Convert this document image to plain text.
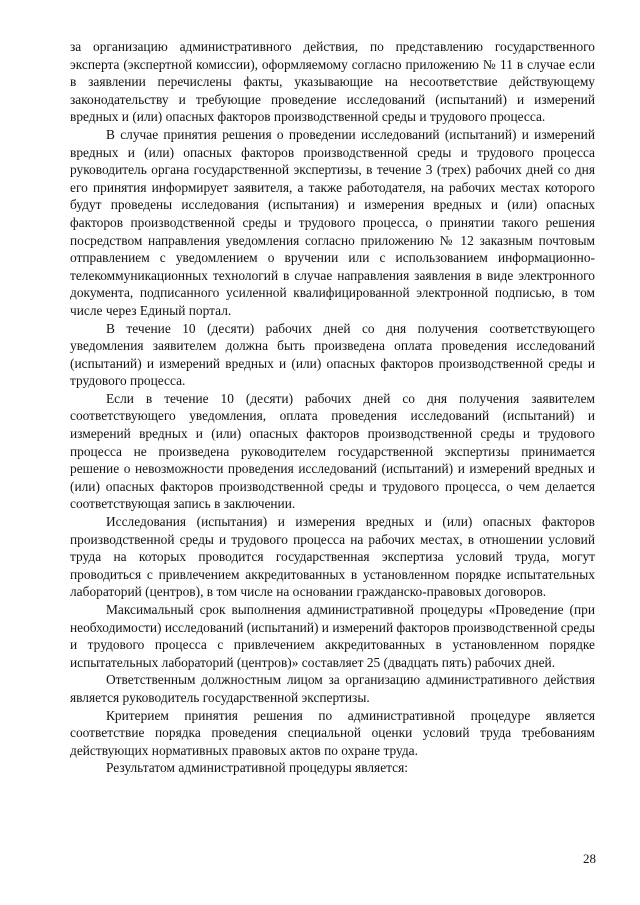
за организацию административного действия, по представлению государственного эксперта (экспертной комиссии), оформляемому согласно приложению № 11 в случае если в заявлении перечислены факты, указывающие на несоответствие действующему законодательству и требующие проведение исследований (испытаний) и измерений вредных и (или) опасных факторов производственной среды и трудового процесса.

В случае принятия решения о проведении исследований (испытаний) и измерений вредных и (или) опасных факторов производственной среды и трудового процесса руководитель органа государственной экспертизы, в течение 3 (трех) рабочих дней со дня его принятия информирует заявителя, а также работодателя, на рабочих местах которого будут проведены исследования (испытания) и измерения вредных и (или) опасных факторов производственной среды и трудового процесса, о принятии такого решения посредством направления уведомления согласно приложению № 12 заказным почтовым отправлением с уведомлением о вручении или с использованием информационно-телекоммуникационных технологий в случае направления заявления в виде электронного документа, подписанного усиленной квалифицированной электронной подписью, в том числе через Единый портал.

В течение 10 (десяти) рабочих дней со дня получения соответствующего уведомления заявителем должна быть произведена оплата проведения исследований (испытаний) и измерений вредных и (или) опасных факторов производственной среды и трудового процесса.

Если в течение 10 (десяти) рабочих дней со дня получения заявителем соответствующего уведомления, оплата проведения исследований (испытаний) и измерений вредных и (или) опасных факторов производственной среды и трудового процесса не произведена руководителем государственной экспертизы принимается решение о невозможности проведения исследований (испытаний) и измерений вредных и (или) опасных факторов производственной среды и трудового процесса, о чем делается соответствующая запись в заключении.

Исследования (испытания) и измерения вредных и (или) опасных факторов производственной среды и трудового процесса на рабочих местах, в отношении условий труда на которых проводится государственная экспертиза условий труда, могут проводиться с привлечением аккредитованных в установленном порядке испытательных лабораторий (центров), в том числе на основании гражданско-правовых договоров.

Максимальный срок выполнения административной процедуры «Проведение (при необходимости) исследований (испытаний) и измерений факторов производственной среды и трудового процесса с привлечением аккредитованных в установленном порядке испытательных лабораторий (центров)» составляет 25 (двадцать пять) рабочих дней.

Ответственным должностным лицом за организацию административного действия является руководитель государственной экспертизы.

Критерием принятия решения по административной процедуре является соответствие порядка проведения специальной оценки условий труда требованиям действующих нормативных правовых актов по охране труда.

Результатом административной процедуры является:

28
